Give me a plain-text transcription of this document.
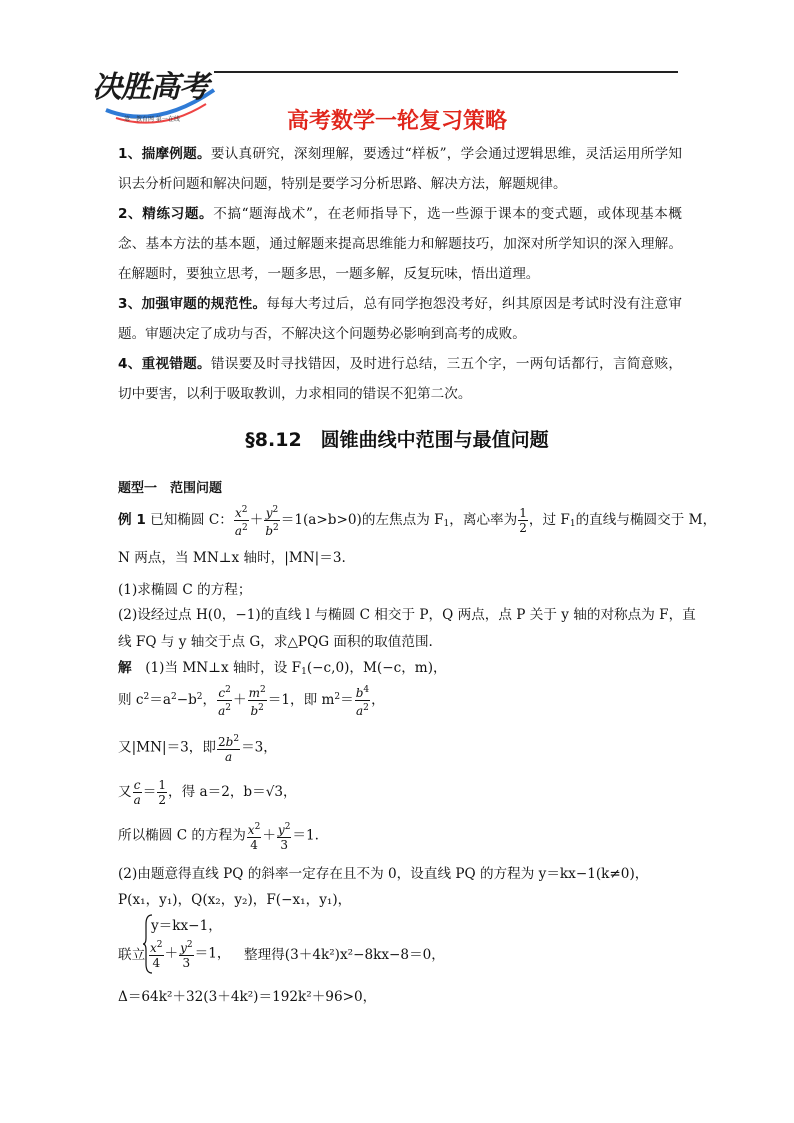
决胜高考
第一教育网 第一在线	高考数学一轮复习策略

1、揣摩例题。要认真研究，深刻理解，要透过“样板”，学会通过逻辑思维，灵活运用所学知识去分析问题和解决问题，特别是要学习分析思路、解决方法，解题规律。

2、精练习题。不搞“题海战术”，在老师指导下，选一些源于课本的变式题，或体现基本概念、基本方法的基本题，通过解题来提高思维能力和解题技巧，加深对所学知识的深入理解。在解题时，要独立思考，一题多思，一题多解，反复玩味，悟出道理。

3、加强审题的规范性。每每大考过后，总有同学抱怨没考好，纠其原因是考试时没有注意审题。审题决定了成功与否，不解决这个问题势必影响到高考的成败。

4、重视错题。错误要及时寻找错因，及时进行总结，三五个字，一两句话都行，言简意赅，切中要害，以利于吸取教训，力求相同的错误不犯第二次。

§8.12　圆锥曲线中范围与最值问题
题型一　范围问题
例 1 已知椭圆 C： $\frac{x^2}{a^2} + \frac{y^2}{b^2} =1(a>b>0)$的左焦点为 $F_1$，离心率为 $\frac{1}{2}$ ，过 $F_1$的直线与椭圆交于 M，
N 两点，当 MN⊥x 轴时，|MN|＝3.
(1)求椭圆 C 的方程；
(2)设经过点 H(0，−1)的直线 l 与椭圆 C 相交于 P，Q 两点，点 P 关于 y 轴的对称点为 F，直
线 FQ 与 y 轴交于点 G，求△PQG 面积的取值范围.
解　 (1)当 MN⊥x 轴时，设 $F_1(-c,0)$，M(−c，m)，
则 $c^2=a^2-b^2$， $\frac{c^2}{a^2} + \frac{m^2}{b^2} =1$，即 $m^2= \frac{b^4}{a^2}$ ，
又|MN|＝3，即 $\frac{2b^2}{a} =3$，
又 $\frac{c}{a} = \frac{1}{2}$ ，得 a＝2，b＝√3，
所以椭圆 C 的方程为 $\frac{x^2}{4} + \frac{y^2}{3} =1$.
(2)由题意得直线 PQ 的斜率一定存在且不为 0，设直线 PQ 的方程为 y＝kx−1(k≠0)，
P(x₁，y₁)，Q(x₂，y₂)，F(−x₁，y₁)，
联立
y＝kx−1，
$\frac{x^2}{4} + \frac{y^2}{3} =1$， 整理得(3＋4k²)x²−8kx−8＝0，
Δ＝64k²＋32(3＋4k²)＝192k²＋96>0，
